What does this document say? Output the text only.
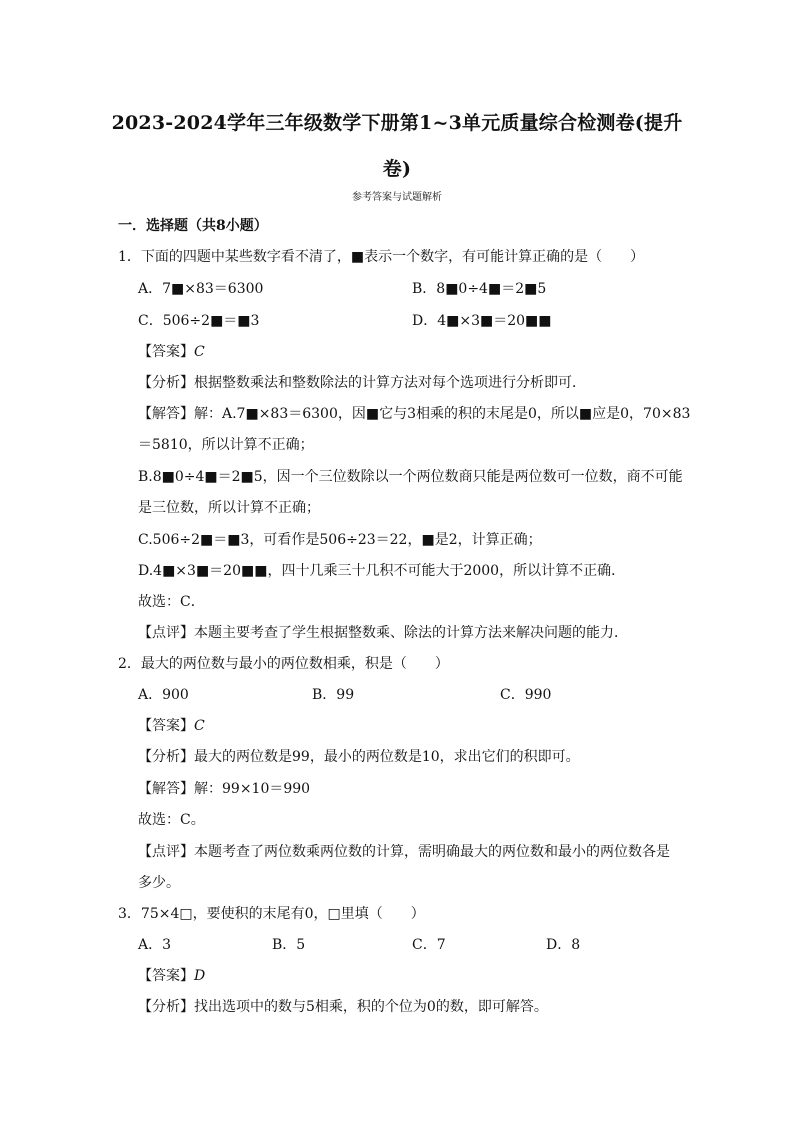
2023-2024学年三年级数学下册第1~3单元质量综合检测卷(提升卷)
参考答案与试题解析
一．选择题（共8小题）
1．下面的四题中某些数字看不清了，■表示一个数字，有可能计算正确的是（　　）
A．7■×83＝6300	B．8■0÷4■＝2■5
C．506÷2■＝■3	D．4■×3■＝20■■
【答案】C
【分析】根据整数乘法和整数除法的计算方法对每个选项进行分析即可．
【解答】解：A.7■×83＝6300，因■它与3相乘的积的末尾是0，所以■应是0，70×83
＝5810，所以计算不正确；
B.8■0÷4■＝2■5，因一个三位数除以一个两位数商只能是两位数可一位数，商不可能
是三位数，所以计算不正确；
C.506÷2■＝■3，可看作是506÷23＝22，■是2，计算正确；
D.4■×3■＝20■■，四十几乘三十几积不可能大于2000，所以计算不正确．
故选：C．
【点评】本题主要考查了学生根据整数乘、除法的计算方法来解决问题的能力．
2．最大的两位数与最小的两位数相乘，积是（　　）
A．900	B．99	C．990
【答案】C
【分析】最大的两位数是99，最小的两位数是10，求出它们的积即可。
【解答】解：99×10＝990
故选：C。
【点评】本题考查了两位数乘两位数的计算，需明确最大的两位数和最小的两位数各是
多少。
3．75×4□，要使积的末尾有0，□里填（　　）
A．3	B．5	C．7	D．8
【答案】D
【分析】找出选项中的数与5相乘，积的个位为0的数，即可解答。
